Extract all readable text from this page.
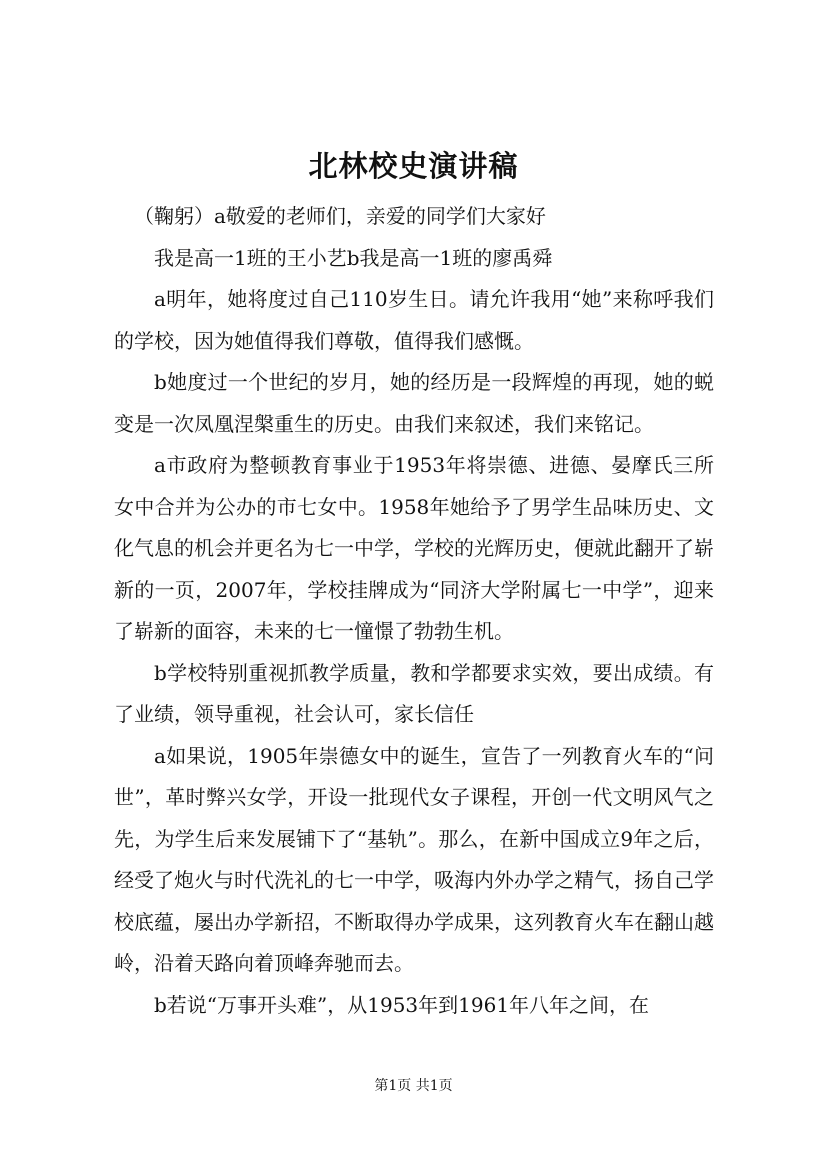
北林校史演讲稿

（鞠躬）a敬爱的老师们，亲爱的同学们大家好

我是高一1班的王小艺b我是高一1班的廖禹舜

a明年，她将度过自己110岁生日。请允许我用“她”来称呼我们的学校，因为她值得我们尊敬，值得我们感慨。

b她度过一个世纪的岁月，她的经历是一段辉煌的再现，她的蜕变是一次凤凰涅槃重生的历史。由我们来叙述，我们来铭记。

a市政府为整顿教育事业于1953年将崇德、进德、晏摩氏三所女中合并为公办的市七女中。1958年她给予了男学生品味历史、文化气息的机会并更名为七一中学，学校的光辉历史，便就此翻开了崭新的一页，2007年，学校挂牌成为“同济大学附属七一中学”，迎来了崭新的面容，未来的七一憧憬了勃勃生机。

b学校特别重视抓教学质量，教和学都要求实效，要出成绩。有了业绩，领导重视，社会认可，家长信任

a如果说，1905年崇德女中的诞生，宣告了一列教育火车的“问世”，革时弊兴女学，开设一批现代女子课程，开创一代文明风气之先，为学生后来发展铺下了“基轨”。那么，在新中国成立9年之后，经受了炮火与时代洗礼的七一中学，吸海内外办学之精气，扬自己学校底蕴，屡出办学新招，不断取得办学成果，这列教育火车在翻山越岭，沿着天路向着顶峰奔驰而去。

b若说“万事开头难”，从1953年到1961年八年之间，在

第1页 共1页
